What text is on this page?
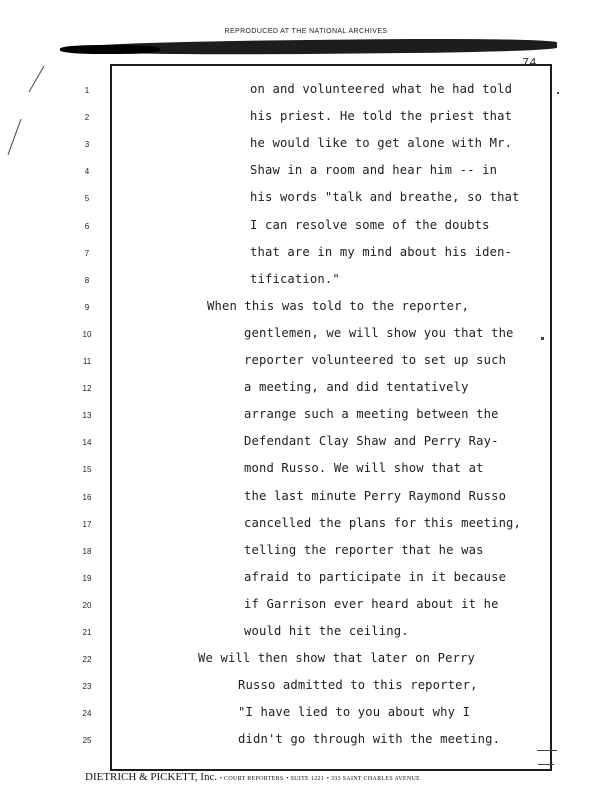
REPRODUCED AT THE NATIONAL ARCHIVES
74
1	on and volunteered what he had told
2	his priest. He told the priest that
3	he would like to get alone with Mr.
4	Shaw in a room and hear him -- in
5	his words "talk and breathe, so that
6	I can resolve some of the doubts
7	that are in my mind about his iden-
8	tification."
9	When this was told to the reporter,
10	gentlemen, we will show you that the
11	reporter volunteered to set up such
12	a meeting, and did tentatively
13	arrange such a meeting between the
14	Defendant Clay Shaw and Perry Ray-
15	mond Russo. We will show that at
16	the last minute Perry Raymond Russo
17	cancelled the plans for this meeting,
18	telling the reporter that he was
19	afraid to participate in it because
20	if Garrison ever heard about it he
21	would hit the ceiling.
22	We will then show that later on Perry
23	Russo admitted to this reporter,
24	"I have lied to you about why I
25	didn't go through with the meeting.
DIETRICH & PICKETT, Inc. • COURT REPORTERS • SUITE 1221 • 333 SAINT CHARLES AVENUE
